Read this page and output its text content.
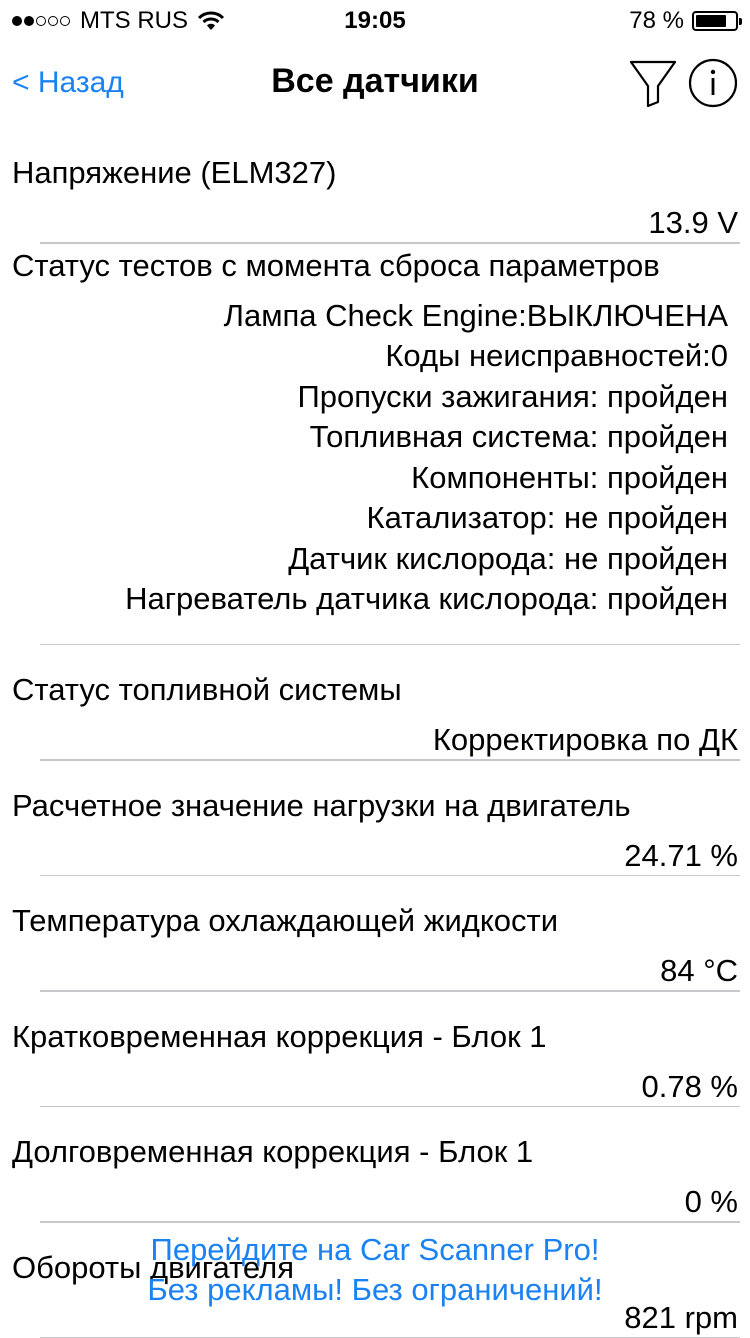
MTS RUS	19:05	78 %
< Назад	Все датчики
Напряжение (ELM327)
13.9 V
Статус тестов с момента сброса параметров
Лампа Check Engine:ВЫКЛЮЧЕНА
Коды неисправностей:0
Пропуски зажигания: пройден
Топливная система: пройден
Компоненты: пройден
Катализатор: не пройден
Датчик кислорода: не пройден
Нагреватель датчика кислорода: пройден
Статус топливной системы
Корректировка по ДК
Расчетное значение нагрузки на двигатель
24.71 %
Температура охлаждающей жидкости
84 °C
Кратковременная коррекция - Блок 1
0.78 %
Долговременная коррекция - Блок 1
0 %
Обороты двигателя
821 rpm
Перейдите на Car Scanner Pro!
Без рекламы! Без ограничений!
